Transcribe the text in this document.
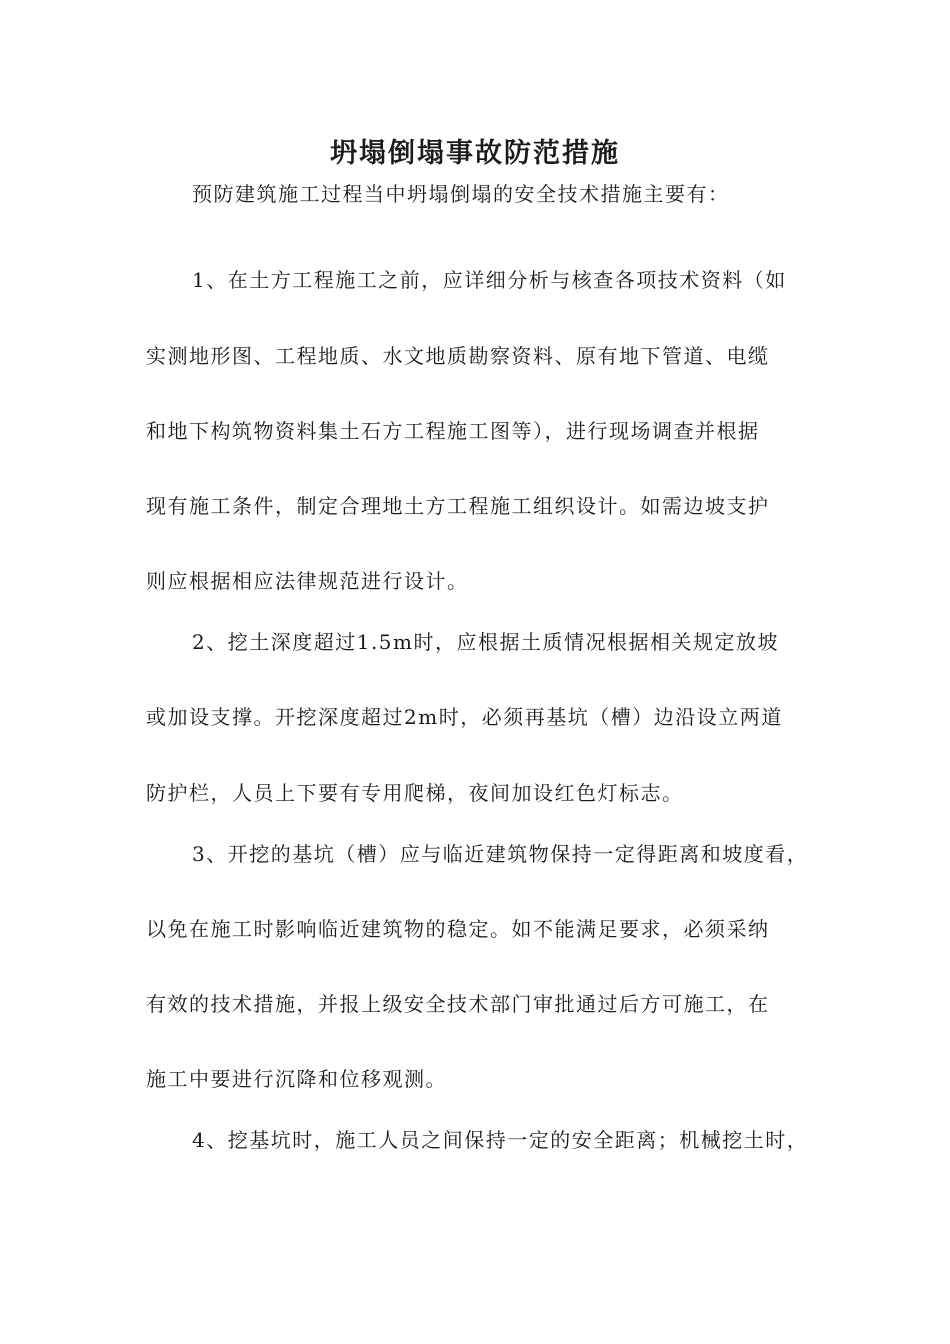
坍塌倒塌事故防范措施
预防建筑施工过程当中坍塌倒塌的安全技术措施主要有：
1、在土方工程施工之前，应详细分析与核查各项技术资料（如
实测地形图、工程地质、水文地质勘察资料、原有地下管道、电缆
和地下构筑物资料集土石方工程施工图等），进行现场调查并根据
现有施工条件，制定合理地土方工程施工组织设计。如需边坡支护
则应根据相应法律规范进行设计。
2、挖土深度超过1.5m时，应根据土质情况根据相关规定放坡
或加设支撑。开挖深度超过2m时，必须再基坑（槽）边沿设立两道
防护栏，人员上下要有专用爬梯，夜间加设红色灯标志。
3、开挖的基坑（槽）应与临近建筑物保持一定得距离和坡度看，
以免在施工时影响临近建筑物的稳定。如不能满足要求，必须采纳
有效的技术措施，并报上级安全技术部门审批通过后方可施工，在
施工中要进行沉降和位移观测。
4、挖基坑时，施工人员之间保持一定的安全距离；机械挖土时，
